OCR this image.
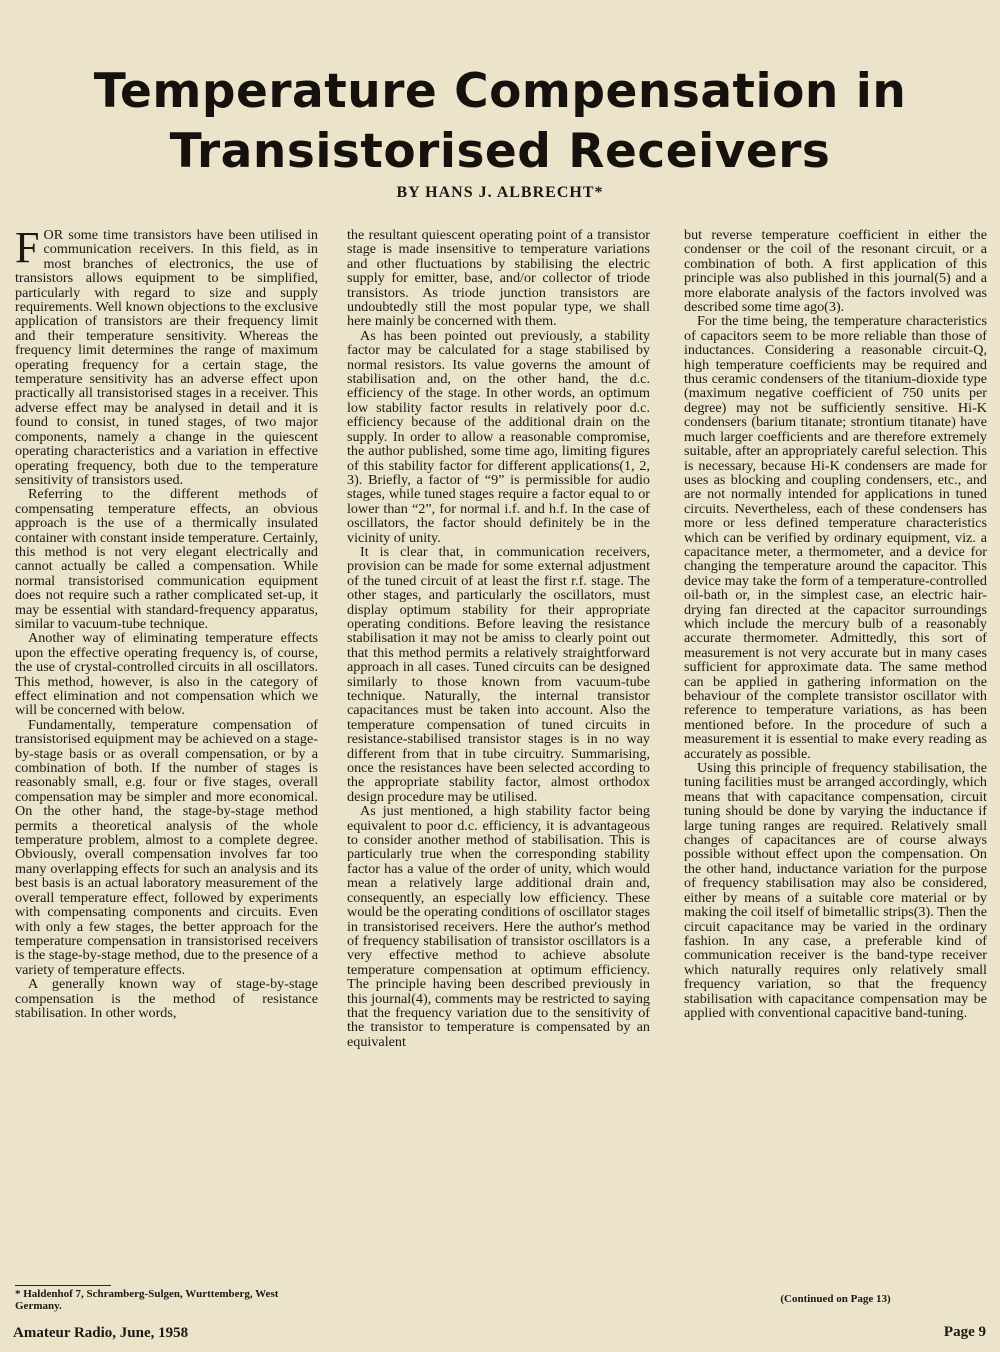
Temperature Compensation in
Transistorised Receivers
BY HANS J. ALBRECHT*

FOR some time transistors have been utilised in communication receivers. In this field, as in most branches of electronics, the use of transistors allows equipment to be simplified, particularly with regard to size and supply requirements. Well known objections to the exclusive application of transistors are their frequency limit and their temperature sensitivity. Whereas the frequency limit determines the range of maximum operating frequency for a certain stage, the temperature sensitivity has an adverse effect upon practically all transistorised stages in a receiver. This adverse effect may be analysed in detail and it is found to consist, in tuned stages, of two major components, namely a change in the quiescent operating characteristics and a variation in effective operating frequency, both due to the temperature sensitivity of transistors used.

Referring to the different methods of compensating temperature effects, an obvious approach is the use of a thermically insulated container with constant inside temperature. Certainly, this method is not very elegant electrically and cannot actually be called a compensation. While normal transistorised communication equipment does not require such a rather complicated set-up, it may be essential with standard-frequency apparatus, similar to vacuum-tube technique.

Another way of eliminating temperature effects upon the effective operating frequency is, of course, the use of crystal-controlled circuits in all oscillators. This method, however, is also in the category of effect elimination and not compensation which we will be concerned with below.

Fundamentally, temperature compensation of transistorised equipment may be achieved on a stage-by-stage basis or as overall compensation, or by a combination of both. If the number of stages is reasonably small, e.g. four or five stages, overall compensation may be simpler and more economical. On the other hand, the stage-by-stage method permits a theoretical analysis of the whole temperature problem, almost to a complete degree. Obviously, overall compensation involves far too many overlapping effects for such an analysis and its best basis is an actual laboratory measurement of the overall temperature effect, followed by experiments with compensating components and circuits. Even with only a few stages, the better approach for the temperature compensation in transistorised receivers is the stage-by-stage method, due to the presence of a variety of temperature effects.

A generally known way of stage-by-stage compensation is the method of resistance stabilisation. In other words,

the resultant quiescent operating point of a transistor stage is made insensitive to temperature variations and other fluctuations by stabilising the electric supply for emitter, base, and/or collector of triode transistors. As triode junction transistors are undoubtedly still the most popular type, we shall here mainly be concerned with them.

As has been pointed out previously, a stability factor may be calculated for a stage stabilised by normal resistors. Its value governs the amount of stabilisation and, on the other hand, the d.c. efficiency of the stage. In other words, an optimum low stability factor results in relatively poor d.c. efficiency because of the additional drain on the supply. In order to allow a reasonable compromise, the author published, some time ago, limiting figures of this stability factor for different applications(1, 2, 3). Briefly, a factor of “9” is permissible for audio stages, while tuned stages require a factor equal to or lower than “2”, for normal i.f. and h.f. In the case of oscillators, the factor should definitely be in the vicinity of unity.

It is clear that, in communication receivers, provision can be made for some external adjustment of the tuned circuit of at least the first r.f. stage. The other stages, and particularly the oscillators, must display optimum stability for their appropriate operating conditions. Before leaving the resistance stabilisation it may not be amiss to clearly point out that this method permits a relatively straightforward approach in all cases. Tuned circuits can be designed similarly to those known from vacuum-tube technique. Naturally, the internal transistor capacitances must be taken into account. Also the temperature compensation of tuned circuits in resistance-stabilised transistor stages is in no way different from that in tube circuitry. Summarising, once the resistances have been selected according to the appropriate stability factor, almost orthodox design procedure may be utilised.

As just mentioned, a high stability factor being equivalent to poor d.c. efficiency, it is advantageous to consider another method of stabilisation. This is particularly true when the corresponding stability factor has a value of the order of unity, which would mean a relatively large additional drain and, consequently, an especially low efficiency. These would be the operating conditions of oscillator stages in transistorised receivers. Here the author's method of frequency stabilisation of transistor oscillators is a very effective method to achieve absolute temperature compensation at optimum efficiency. The principle having been described previously in this journal(4), comments may be restricted to saying that the frequency variation due to the sensitivity of the transistor to temperature is compensated by an equivalent

but reverse temperature coefficient in either the condenser or the coil of the resonant circuit, or a combination of both. A first application of this principle was also published in this journal(5) and a more elaborate analysis of the factors involved was described some time ago(3).

For the time being, the temperature characteristics of capacitors seem to be more reliable than those of inductances. Considering a reasonable circuit-Q, high temperature coefficients may be required and thus ceramic condensers of the titanium-dioxide type (maximum negative coefficient of 750 units per degree) may not be sufficiently sensitive. Hi-K condensers (barium titanate; strontium titanate) have much larger coefficients and are therefore extremely suitable, after an appropriately careful selection. This is necessary, because Hi-K condensers are made for uses as blocking and coupling condensers, etc., and are not normally intended for applications in tuned circuits. Nevertheless, each of these condensers has more or less defined temperature characteristics which can be verified by ordinary equipment, viz. a capacitance meter, a thermometer, and a device for changing the temperature around the capacitor. This device may take the form of a temperature-controlled oil-bath or, in the simplest case, an electric hair-drying fan directed at the capacitor surroundings which include the mercury bulb of a reasonably accurate thermometer. Admittedly, this sort of measurement is not very accurate but in many cases sufficient for approximate data. The same method can be applied in gathering information on the behaviour of the complete transistor oscillator with reference to temperature variations, as has been mentioned before. In the procedure of such a measurement it is essential to make every reading as accurately as possible.

Using this principle of frequency stabilisation, the tuning facilities must be arranged accordingly, which means that with capacitance compensation, circuit tuning should be done by varying the inductance if large tuning ranges are required. Relatively small changes of capacitances are of course always possible without effect upon the compensation. On the other hand, inductance variation for the purpose of frequency stabilisation may also be considered, either by means of a suitable core material or by making the coil itself of bimetallic strips(3). Then the circuit capacitance may be varied in the ordinary fashion. In any case, a preferable kind of communication receiver is the band-type receiver which naturally requires only relatively small frequency variation, so that the frequency stabilisation with capacitance compensation may be applied with conventional capacitive band-tuning.

* Haldenhof 7, Schramberg-Sulgen, Wurttemberg, West Germany.
(Continued on Page 13)
Amateur Radio, June, 1958	Page 9
